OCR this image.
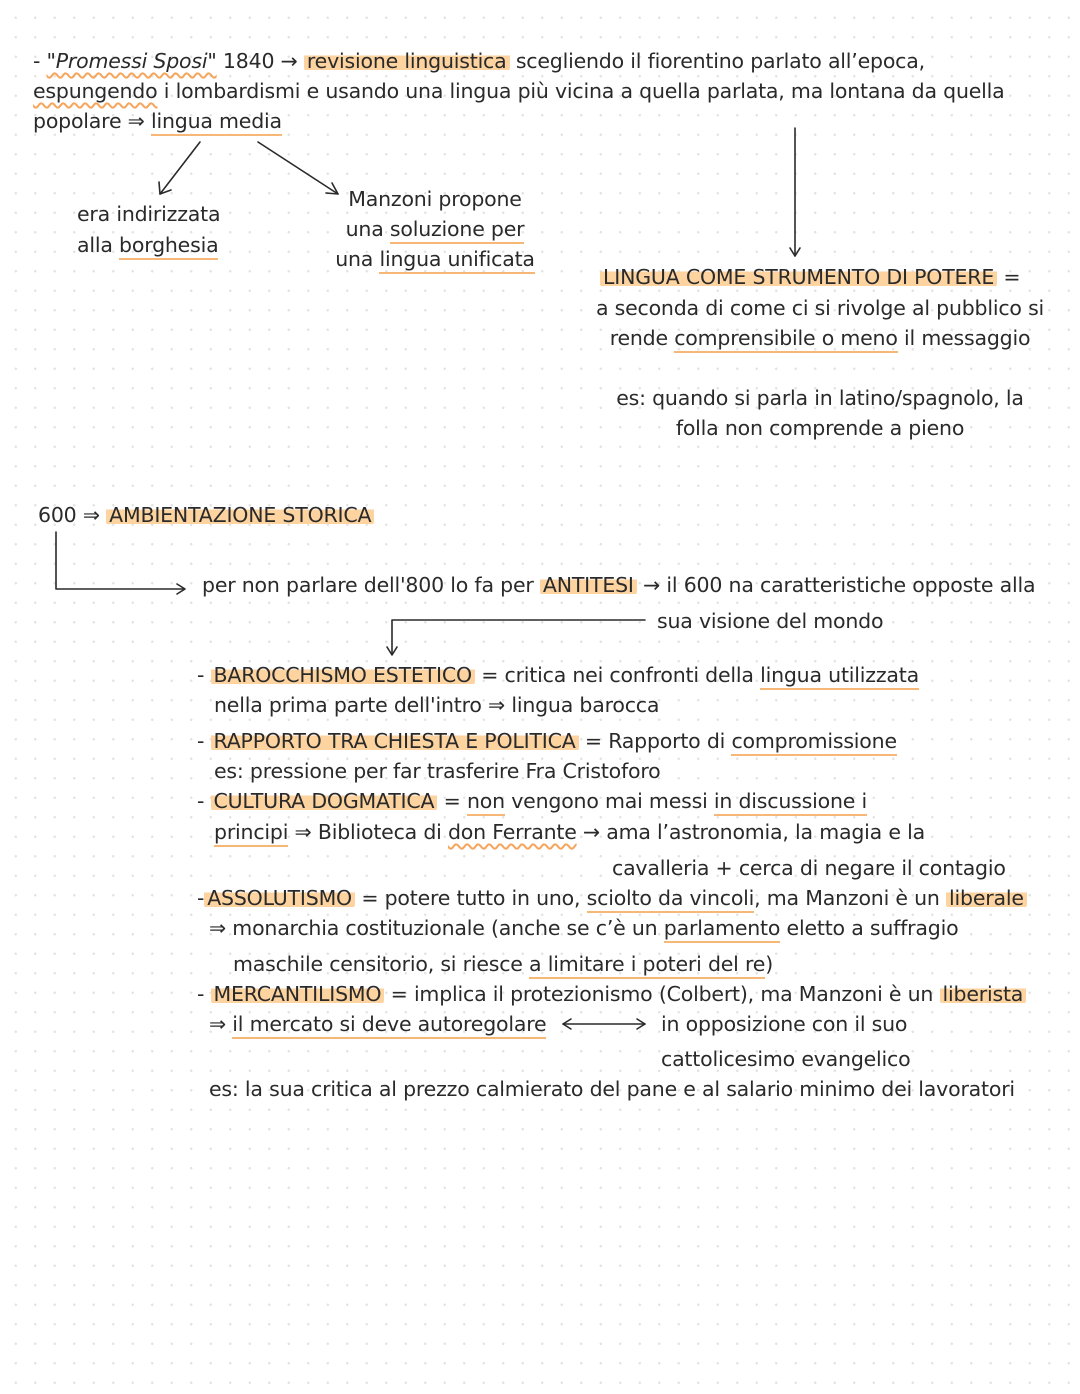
- "Promessi Sposi" 1840 → revisione linguistica scegliendo il fiorentino parlato all’epoca,
espungendo i lombardismi e usando una lingua più vicina a quella parlata, ma lontana da quella
popolare ⇒ lingua media
era indirizzata
alla borghesia
Manzoni propone
una soluzione per
una lingua unificata
LINGUA COME STRUMENTO DI POTERE =
a seconda di come ci si rivolge al pubblico si
rende comprensibile o meno il messaggio
es: quando si parla in latino/spagnolo, la
folla non comprende a pieno
600 ⇒ AMBIENTAZIONE STORICA
per non parlare dell'800 lo fa per ANTITESI → il 600 na caratteristiche opposte alla
sua visione del mondo
- BAROCCHISMO ESTETICO = critica nei confronti della lingua utilizzata
nella prima parte dell'intro ⇒ lingua barocca
- RAPPORTO TRA CHIESTA E POLITICA = Rapporto di compromissione
es: pressione per far trasferire Fra Cristoforo
- CULTURA DOGMATICA = non vengono mai messi in discussione i
principi ⇒ Biblioteca di don Ferrante → ama l’astronomia, la magia e la
cavalleria + cerca di negare il contagio
- ASSOLUTISMO = potere tutto in uno, sciolto da vincoli, ma Manzoni è un liberale
⇒ monarchia costituzionale (anche se c’è un parlamento eletto a suffragio
maschile censitorio, si riesce a limitare i poteri del re)
- MERCANTILISMO = implica il protezionismo (Colbert), ma Manzoni è un liberista
⇒ il mercato si deve autoregolare	in opposizione con il suo
cattolicesimo evangelico
es: la sua critica al prezzo calmierato del pane e al salario minimo dei lavoratori
